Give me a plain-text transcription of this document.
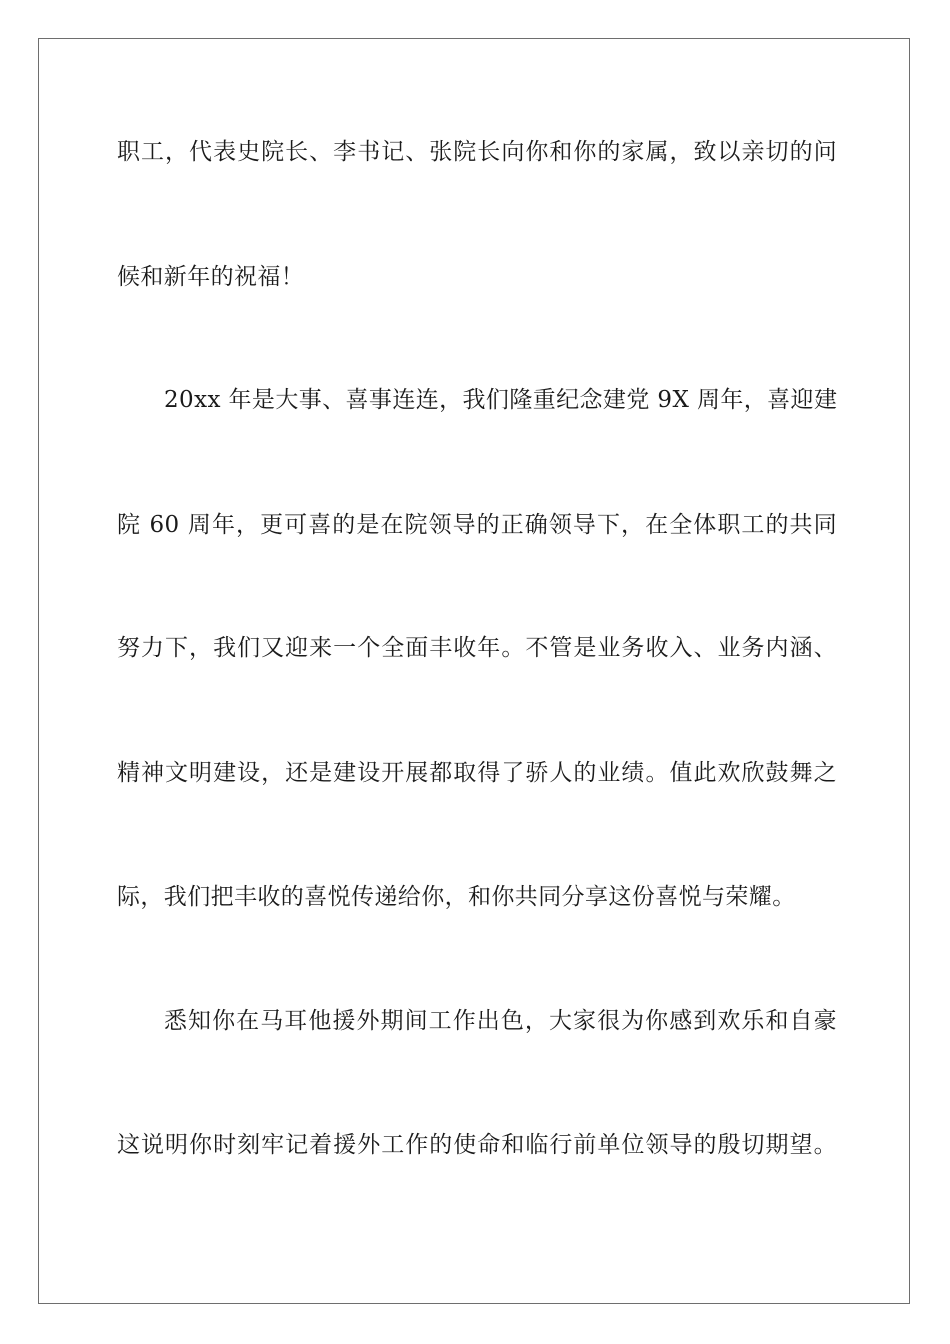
职工，代表史院长、李书记、张院长向你和你的家属，致以亲切的问
候和新年的祝福！
20xx 年是大事、喜事连连，我们隆重纪念建党 9X 周年，喜迎建
院 60 周年，更可喜的是在院领导的正确领导下，在全体职工的共同
努力下，我们又迎来一个全面丰收年。不管是业务收入、业务内涵、
精神文明建设，还是建设开展都取得了骄人的业绩。值此欢欣鼓舞之
际，我们把丰收的喜悦传递给你，和你共同分享这份喜悦与荣耀。
悉知你在马耳他援外期间工作出色，大家很为你感到欢乐和自豪
这说明你时刻牢记着援外工作的使命和临行前单位领导的殷切期望。
